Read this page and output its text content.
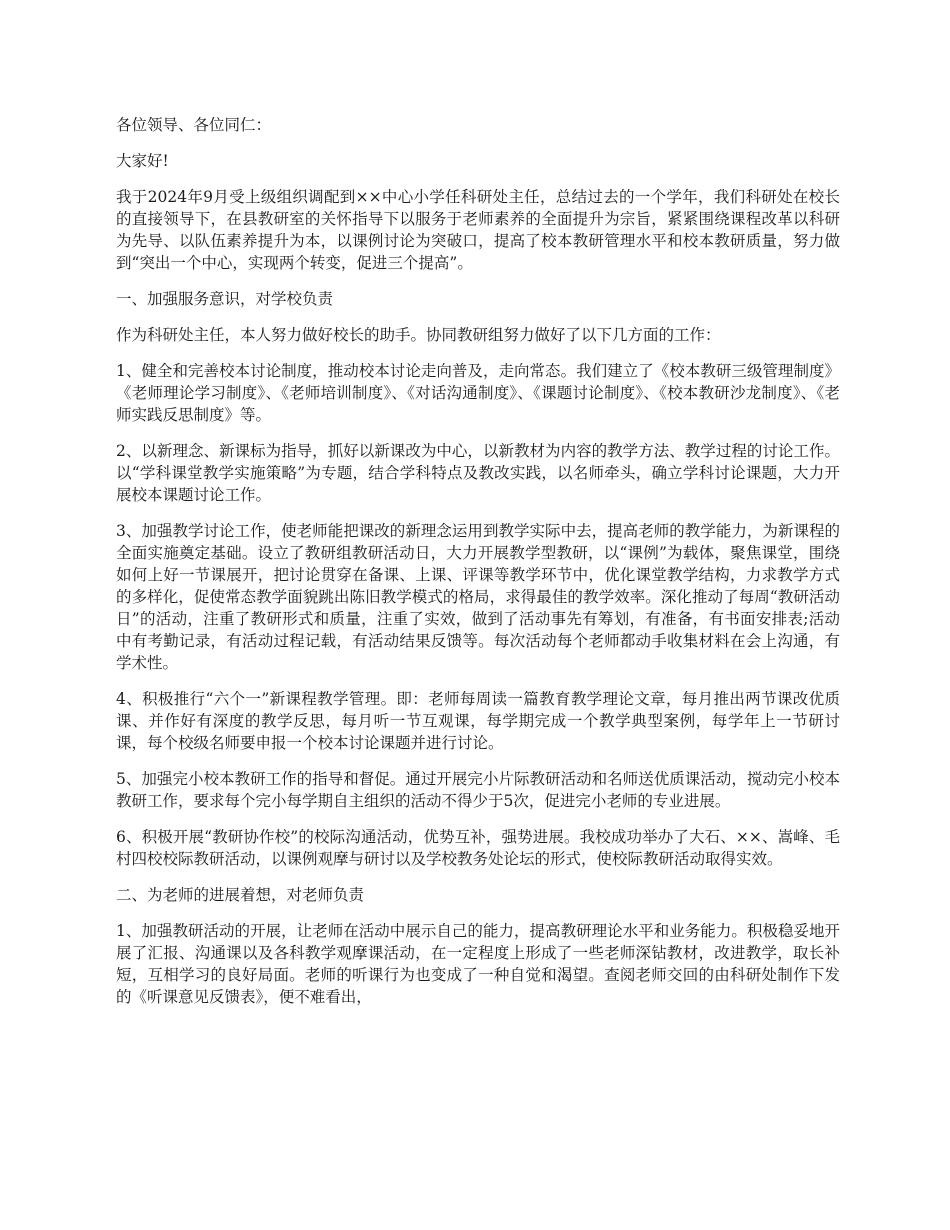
各位领导、各位同仁：

大家好!

我于2024年9月受上级组织调配到××中心小学任科研处主任，总结过去的一个学年，我们科研处在校长的直接领导下，在县教研室的关怀指导下以服务于老师素养的全面提升为宗旨，紧紧围绕课程改革以科研为先导、以队伍素养提升为本，以课例讨论为突破口，提高了校本教研管理水平和校本教研质量，努力做到“突出一个中心，实现两个转变，促进三个提高”。

一、加强服务意识，对学校负责

作为科研处主任，本人努力做好校长的助手。协同教研组努力做好了以下几方面的工作：

1、健全和完善校本讨论制度，推动校本讨论走向普及，走向常态。我们建立了《校本教研三级管理制度》《老师理论学习制度》、《老师培训制度》、《对话沟通制度》、《课题讨论制度》、《校本教研沙龙制度》、《老师实践反思制度》等。

2、以新理念、新课标为指导，抓好以新课改为中心，以新教材为内容的教学方法、教学过程的讨论工作。以“学科课堂教学实施策略”为专题，结合学科特点及教改实践，以名师牵头，确立学科讨论课题，大力开展校本课题讨论工作。

3、加强教学讨论工作，使老师能把课改的新理念运用到教学实际中去，提高老师的教学能力，为新课程的全面实施奠定基础。设立了教研组教研活动日，大力开展教学型教研，以“课例”为载体，聚焦课堂，围绕如何上好一节课展开，把讨论贯穿在备课、上课、评课等教学环节中，优化课堂教学结构，力求教学方式的多样化，促使常态教学面貌跳出陈旧教学模式的格局，求得最佳的教学效率。深化推动了每周“教研活动日”的活动，注重了教研形式和质量，注重了实效，做到了活动事先有筹划，有准备，有书面安排表;活动中有考勤记录，有活动过程记载，有活动结果反馈等。每次活动每个老师都动手收集材料在会上沟通，有学术性。

4、积极推行“六个一”新课程教学管理。即：老师每周读一篇教育教学理论文章，每月推出两节课改优质课、并作好有深度的教学反思，每月听一节互观课，每学期完成一个教学典型案例，每学年上一节研讨课，每个校级名师要申报一个校本讨论课题并进行讨论。

5、加强完小校本教研工作的指导和督促。通过开展完小片际教研活动和名师送优质课活动，搅动完小校本教研工作，要求每个完小每学期自主组织的活动不得少于5次，促进完小老师的专业进展。

6、积极开展“教研协作校”的校际沟通活动，优势互补，强势进展。我校成功举办了大石、××、嵩峰、毛村四校校际教研活动，以课例观摩与研讨以及学校教务处论坛的形式，使校际教研活动取得实效。

二、为老师的进展着想，对老师负责

1、加强教研活动的开展，让老师在活动中展示自己的能力，提高教研理论水平和业务能力。积极稳妥地开展了汇报、沟通课以及各科教学观摩课活动，在一定程度上形成了一些老师深钻教材，改进教学，取长补短，互相学习的良好局面。老师的听课行为也变成了一种自觉和渴望。查阅老师交回的由科研处制作下发的《听课意见反馈表》，便不难看出，
